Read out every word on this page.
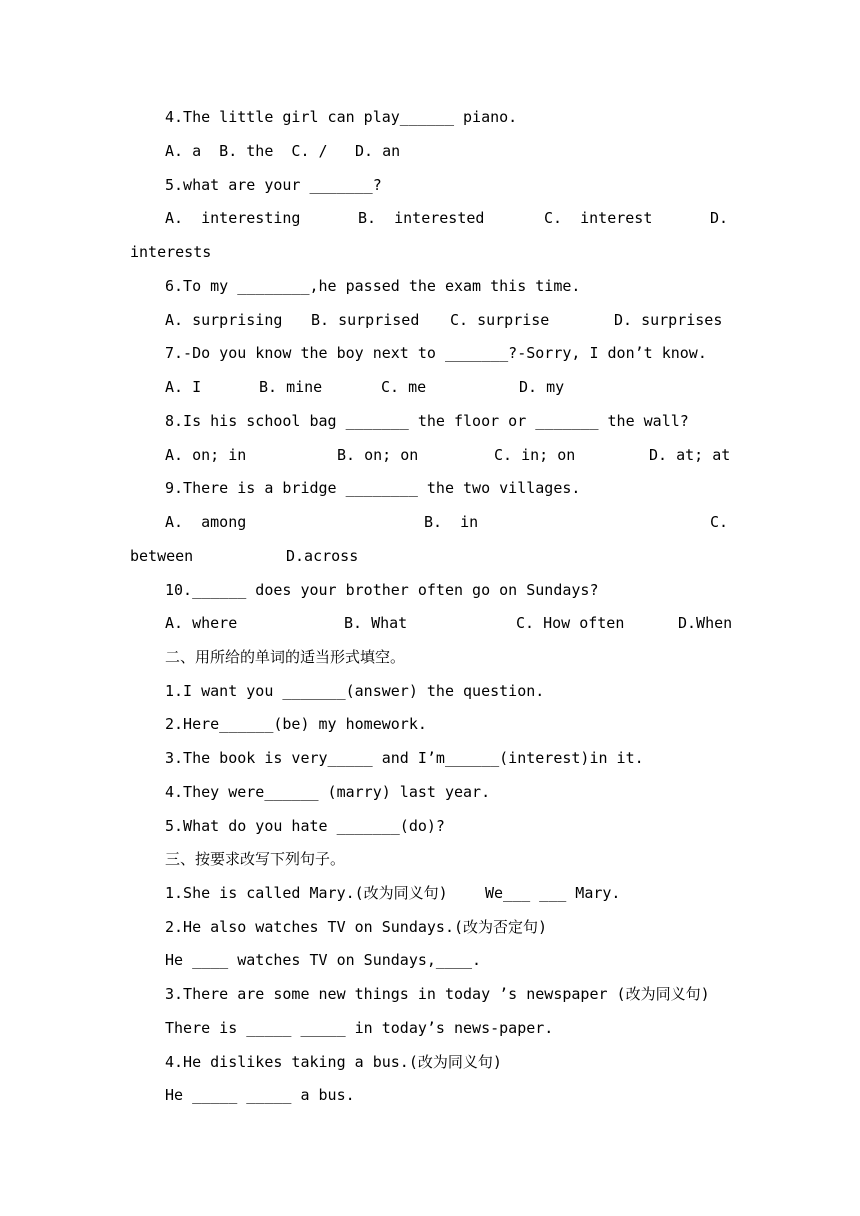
4.The little girl can play______ piano.
A. a  B. the  C. / D. an
5.what are your _______?
A.  interesting	B.  interested	C.  interest	D.
interests
6.To my ________,he passed the exam this time.
A. surprising B. surprised C. surprise	D. surprises
7.-Do you know the boy next to _______?-Sorry, I don’t know.
A. I	B. mine	C. me	D. my
8.Is his school bag _______ the floor or _______ the wall?
A. on; in	B. on; on	C. in; on	D. at; at
9.There is a bridge ________ the two villages.
A.  among	B.  in	C.
between	D.across
10.______ does your brother often go on Sundays?
A. where	B. What	C. How often	D.When
二、用所给的单词的适当形式填空。
1.I want you _______(answer) the question.
2.Here______(be) my homework.
3.The book is very_____ and I’m______(interest)in it.
4.They were______ (marry) last year.
5.What do you hate _______(do)?
三、按要求改写下列句子。
1.She is called Mary.(改为同义句) We___ ___ Mary.
2.He also watches TV on Sundays.(改为否定句)
He ____ watches TV on Sundays,____.
3.There are some new things in today ’s newspaper (改为同义句)
There is _____ _____ in today’s news-paper.
4.He dislikes taking a bus.(改为同义句)
He _____ _____ a bus.
